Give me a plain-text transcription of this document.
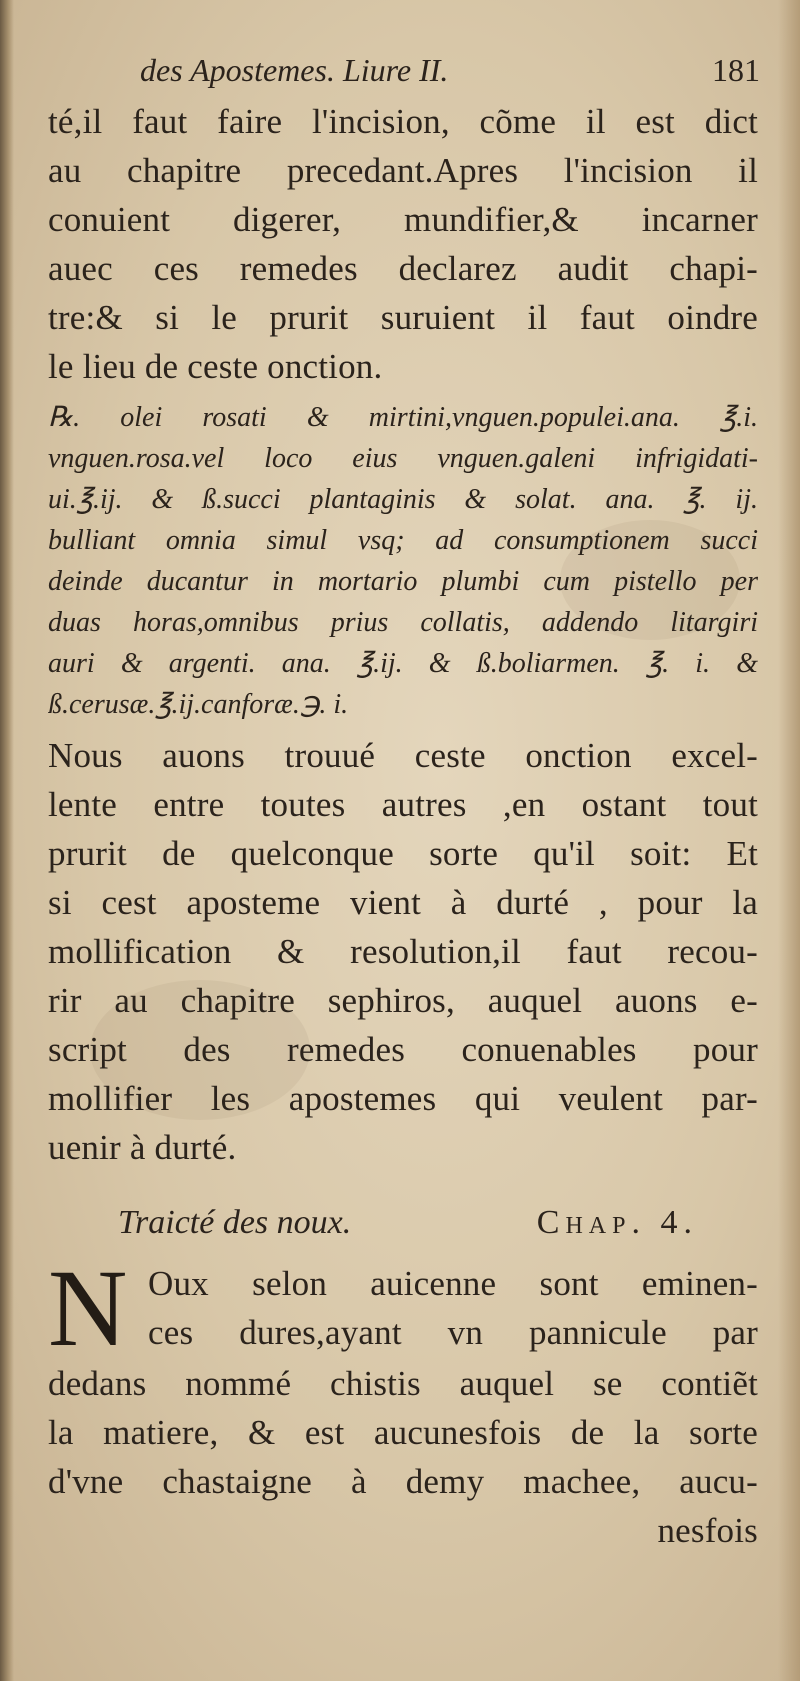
des Apostemes. Liure II.	181
té,il faut faire l'incision, cõme il est dict
au chapitre precedant.Apres l'incision il
conuient digerer, mundifier,& incarner
auec ces remedes declarez audit chapi-
tre:& si le prurit suruient il faut oindre
le lieu de ceste onction.
℞. olei rosati & mirtini,vnguen.populei.ana. ℥.i.
vnguen.rosa.vel loco eius vnguen.galeni infrigidati-
ui.℥.ij. & ß.succi plantaginis & solat. ana. ℥. ij.
bulliant omnia simul vsq; ad consumptionem succi
deinde ducantur in mortario plumbi cum pistello per
duas horas,omnibus prius collatis, addendo litargiri
auri & argenti. ana. ℥.ij. & ß.boliarmen. ℥. i. &
ß.cerusæ.℥.ij.canforæ.℈. i.
Nous auons trouué ceste onction excel-
lente entre toutes autres ,en ostant tout
prurit de quelconque sorte qu'il soit: Et
si cest aposteme vient à durté , pour la
mollification & resolution,il faut recou-
rir au chapitre sephiros, auquel auons e-
script des remedes conuenables pour
mollifier les apostemes qui veulent par-
uenir à durté.
Traicté des noux.	Chap. 4.
N Oux selon auicenne sont eminen-
ces dures,ayant vn pannicule par
dedans nommé chistis auquel se contiẽt
la matiere, & est aucunesfois de la sorte
d'vne chastaigne à demy machee, aucu-
nesfois
